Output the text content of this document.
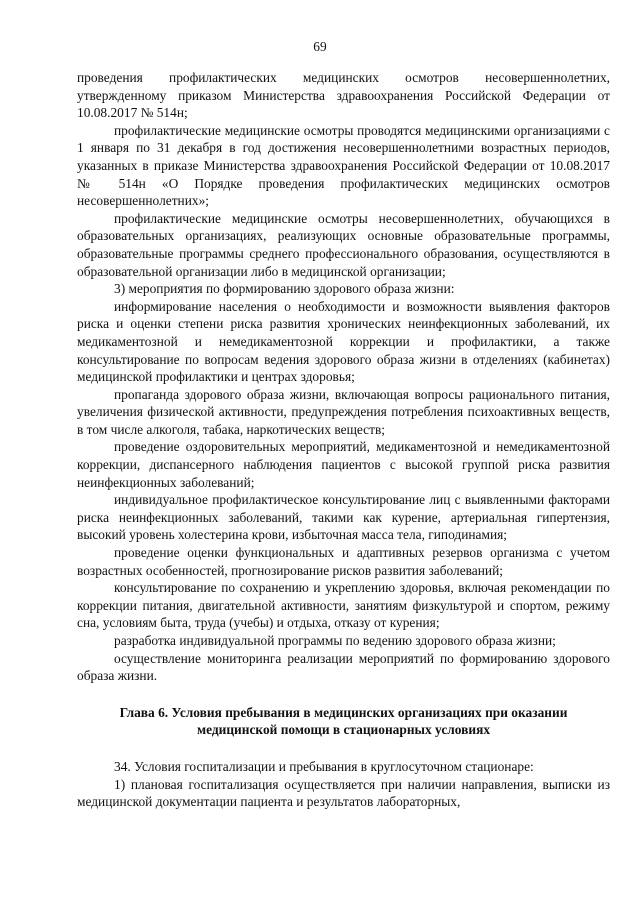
69

проведения профилактических медицинских осмотров несовершеннолетних, утвержденному приказом Министерства здравоохранения Российской Федерации от 10.08.2017 № 514н;

профилактические медицинские осмотры проводятся медицинскими организациями с 1 января по 31 декабря в год достижения несовершеннолетними возрастных периодов, указанных в приказе Министерства здравоохранения Российской Федерации от 10.08.2017 № 514н «О Порядке проведения профилактических медицинских осмотров несовершеннолетних»;

профилактические медицинские осмотры несовершеннолетних, обучающихся в образовательных организациях, реализующих основные образовательные программы, образовательные программы среднего профессионального образования, осуществляются в образовательной организации либо в медицинской организации;

3) мероприятия по формированию здорового образа жизни:

информирование населения о необходимости и возможности выявления факторов риска и оценки степени риска развития хронических неинфекционных заболеваний, их медикаментозной и немедикаментозной коррекции и профилактики, а также консультирование по вопросам ведения здорового образа жизни в отделениях (кабинетах) медицинской профилактики и центрах здоровья;

пропаганда здорового образа жизни, включающая вопросы рационального питания, увеличения физической активности, предупреждения потребления психоактивных веществ, в том числе алкоголя, табака, наркотических веществ;

проведение оздоровительных мероприятий, медикаментозной и немедикаментозной коррекции, диспансерного наблюдения пациентов с высокой группой риска развития неинфекционных заболеваний;

индивидуальное профилактическое консультирование лиц с выявленными факторами риска неинфекционных заболеваний, такими как курение, артериальная гипертензия, высокий уровень холестерина крови, избыточная масса тела, гиподинамия;

проведение оценки функциональных и адаптивных резервов организма с учетом возрастных особенностей, прогнозирование рисков развития заболеваний;

консультирование по сохранению и укреплению здоровья, включая рекомендации по коррекции питания, двигательной активности, занятиям физкультурой и спортом, режиму сна, условиям быта, труда (учебы) и отдыха, отказу от курения;

разработка индивидуальной программы по ведению здорового образа жизни;

осуществление мониторинга реализации мероприятий по формированию здорового образа жизни.

Глава 6. Условия пребывания в медицинских организациях при оказании медицинской помощи в стационарных условиях

34. Условия госпитализации и пребывания в круглосуточном стационаре:

1) плановая госпитализация осуществляется при наличии направления, выписки из медицинской документации пациента и результатов лабораторных,
